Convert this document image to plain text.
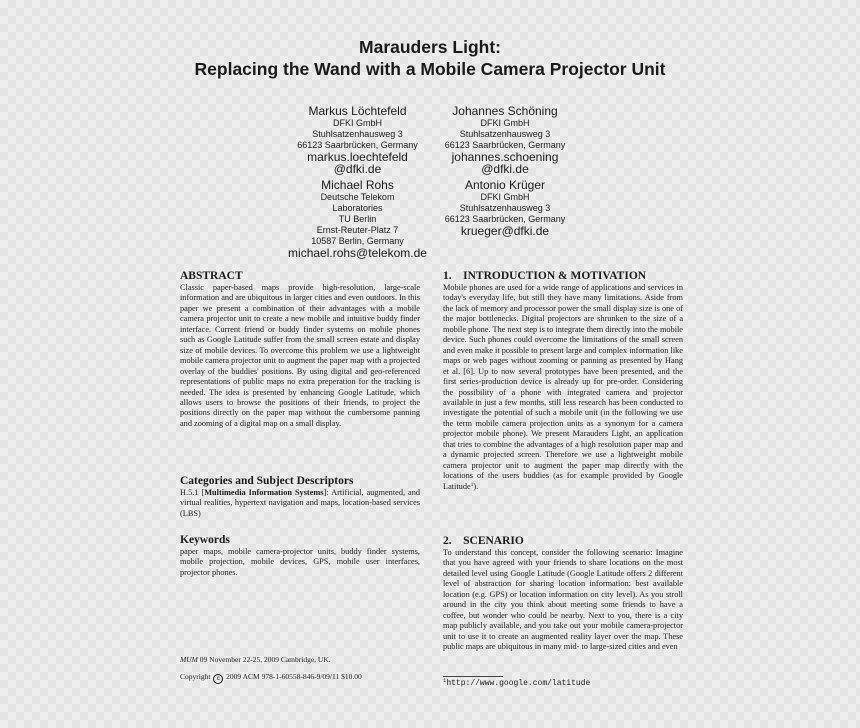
Marauders Light:
Replacing the Wand with a Mobile Camera Projector Unit
Markus Löchtefeld
DFKI GmbH
Stuhlsatzenhausweg 3
66123 Saarbrücken, Germany
markus.loechtefeld
@dfki.de
Johannes Schöning
DFKI GmbH
Stuhlsatzenhausweg 3
66123 Saarbrücken, Germany
johannes.schoening
@dfki.de
Michael Rohs
Deutsche Telekom
Laboratories
TU Berlin
Ernst-Reuter-Platz 7
10587 Berlin, Germany
michael.rohs@telekom.de
Antonio Krüger
DFKI GmbH
Stuhlsatzenhausweg 3
66123 Saarbrücken, Germany
krueger@dfki.de
ABSTRACT

Classic paper-based maps provide high-resolution, large-scale information and are ubiquitous in larger cities and even outdoors. In this paper we present a combination of their advantages with a mobile camera projector unit to create a new mobile and intuitive buddy finder interface. Current friend or buddy finder systems on mobile phones such as Google Latitude suffer from the small screen estate and display size of mobile devices. To overcome this problem we use a lightweight mobile camera projector unit to augment the paper map with a projected overlay of the buddies' positions. By using digital and geo-referenced representations of public maps no extra preperation for the tracking is needed. The idea is presented by enhancing Google Latitude, which allows users to browse the positions of their friends, to project the positions directly on the paper map without the cumbersome panning and zooming of a digital map on a small display.

Categories and Subject Descriptors

H.5.1 [Multimedia Information Systems]: Artificial, augmented, and virtual realities, hypertext navigation and maps, location-based services (LBS)

Keywords

paper maps, mobile camera-projector units, buddy finder systems, mobile projection, mobile devices, GPS, mobile user interfaces, projector phones.

MUM 09 November 22-25, 2009 Cambridge, UK.
Copyright c 2009 ACM 978-1-60558-846-9/09/11 $10.00
1.    INTRODUCTION & MOTIVATION

Mobile phones are used for a wide range of applications and services in today's everyday life, but still they have many limitations. Aside from the lack of memory and processor power the small display size is one of the major bottlenecks. Digital projectors are shrunken to the size of a mobile phone. The next step is to integrate them directly into the mobile device. Such phones could overcome the limitations of the small screen and even make it possible to present large and complex information like maps or web pages without zooming or panning as presented by Hang et al. [6]. Up to now several prototypes have been presented, and the first series-production device is already up for pre-order. Considering the possibility of a phone with integrated camera and projector available in just a few months, still less research has been conducted to investigate the potential of such a mobile unit (in the following we use the term mobile camera projection units as a synonym for a camera projector mobile phone). We present Marauders Light, an application that tries to combine the advantages of a high resolution paper map and a dynamic projected screen. Therefore we use a lightweight mobile camera projector unit to augment the paper map directly with the locations of the users buddies (as for example provided by Google Latitude$^1$).

2.    SCENARIO

To understand this concept, consider the following scenario: Imagine that you have agreed with your friends to share locations on the most detailed level using Google Latitude (Google Latitude offers 2 different level of abstraction for sharing location information: best available location (e.g. GPS) or location information on city level). As you stroll around in the city you think about meeting some friends to have a coffee, but wonder who could be nearby. Next to you, there is a city map publicly available, and you take out your mobile camera-projector unit to use it to create an augmented reality layer over the map. These public maps are ubiquitous in many mid- to large-sized cities and even

$^1$http://www.google.com/latitude
